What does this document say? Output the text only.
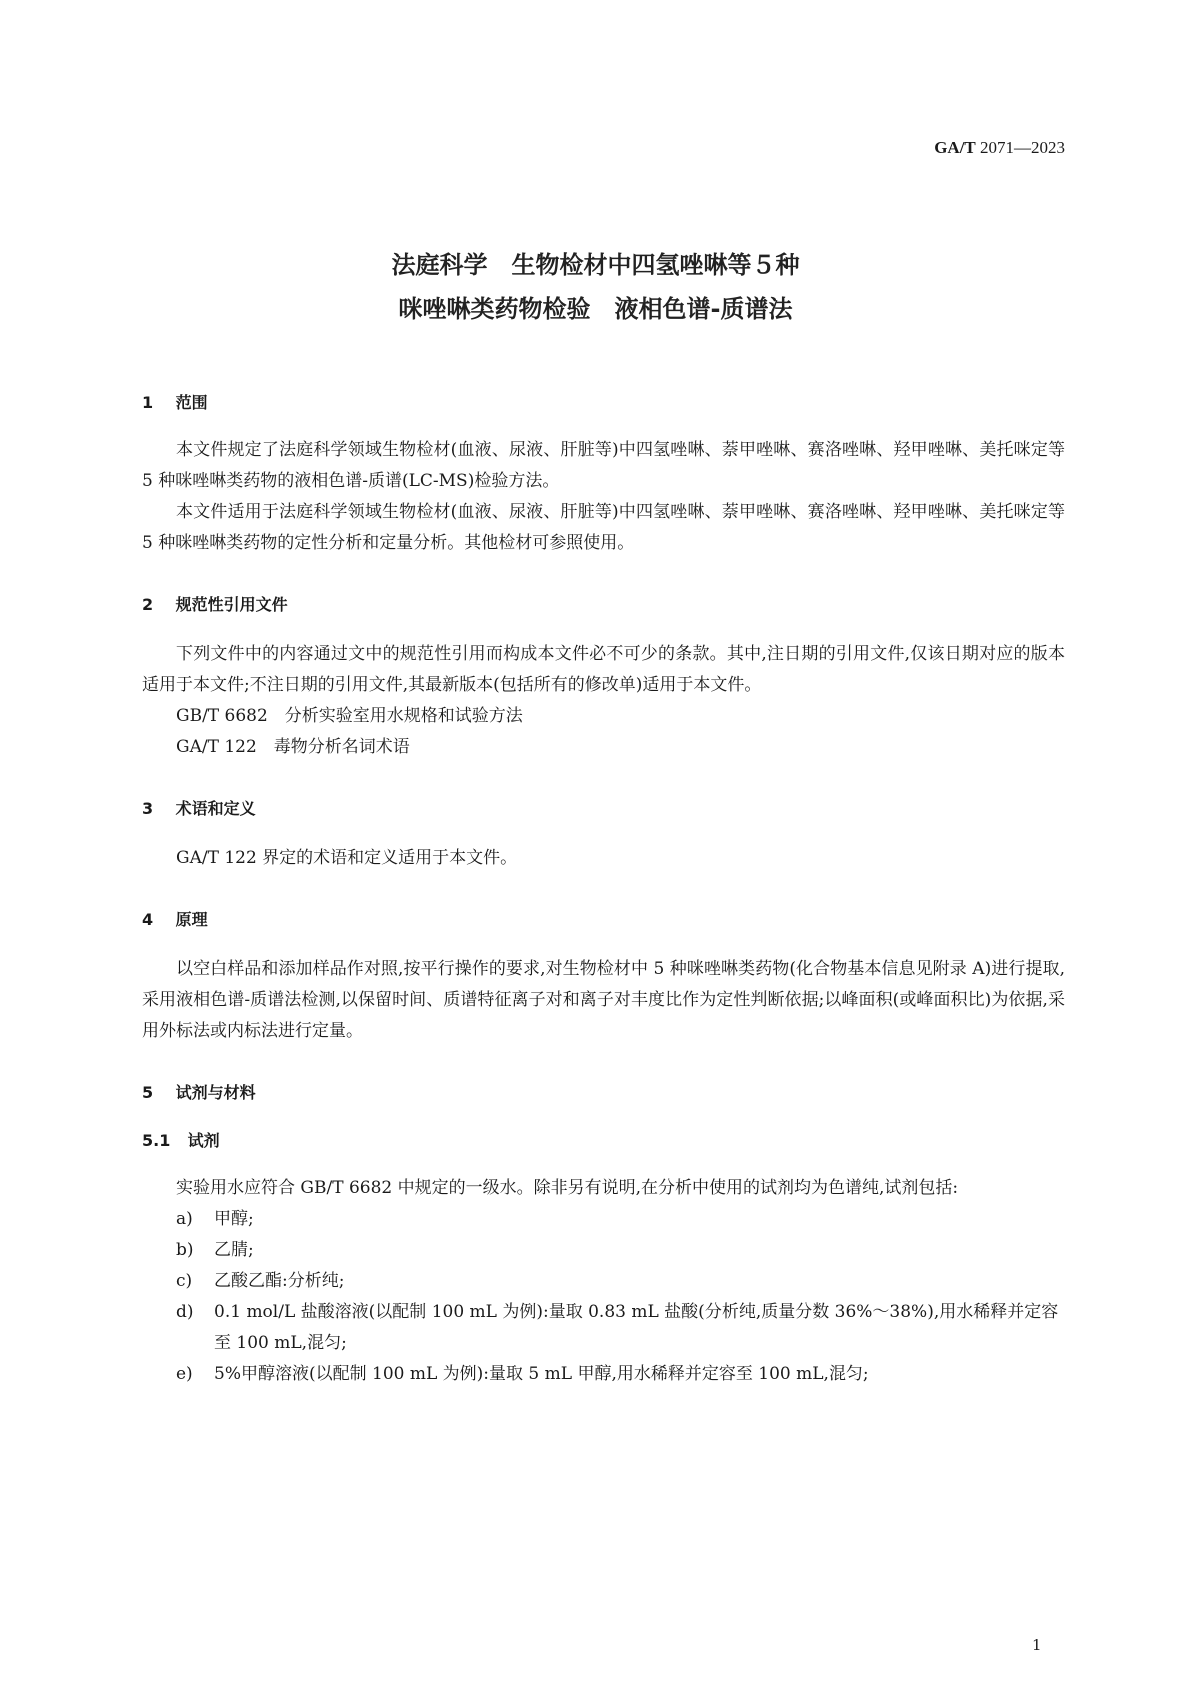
GA/T 2071—2023
法庭科学　生物检材中四氢唑啉等５种
咪唑啉类药物检验　液相色谱-质谱法
1 范围

本文件规定了法庭科学领域生物检材(血液、尿液、肝脏等)中四氢唑啉、萘甲唑啉、赛洛唑啉、羟甲唑啉、美托咪定等 5 种咪唑啉类药物的液相色谱-质谱(LC-MS)检验方法。

本文件适用于法庭科学领域生物检材(血液、尿液、肝脏等)中四氢唑啉、萘甲唑啉、赛洛唑啉、羟甲唑啉、美托咪定等 5 种咪唑啉类药物的定性分析和定量分析。其他检材可参照使用。

2 规范性引用文件

下列文件中的内容通过文中的规范性引用而构成本文件必不可少的条款。其中,注日期的引用文件,仅该日期对应的版本适用于本文件;不注日期的引用文件,其最新版本(包括所有的修改单)适用于本文件。

GB/T 6682　分析实验室用水规格和试验方法
GA/T 122　毒物分析名词术语
3 术语和定义

GA/T 122 界定的术语和定义适用于本文件。

4 原理

以空白样品和添加样品作对照,按平行操作的要求,对生物检材中 5 种咪唑啉类药物(化合物基本信息见附录 A)进行提取,采用液相色谱-质谱法检测,以保留时间、质谱特征离子对和离子对丰度比作为定性判断依据;以峰面积(或峰面积比)为依据,采用外标法或内标法进行定量。

5 试剂与材料
5.1 试剂

实验用水应符合 GB/T 6682 中规定的一级水。除非另有说明,在分析中使用的试剂均为色谱纯,试剂包括:

a) 甲醇;
b) 乙腈;
c) 乙酸乙酯:分析纯;
d) 0.1 mol/L 盐酸溶液(以配制 100 mL 为例):量取 0.83 mL 盐酸(分析纯,质量分数 36%～38%),用水稀释并定容至 100 mL,混匀;
e) 5%甲醇溶液(以配制 100 mL 为例):量取 5 mL 甲醇,用水稀释并定容至 100 mL,混匀;
1
